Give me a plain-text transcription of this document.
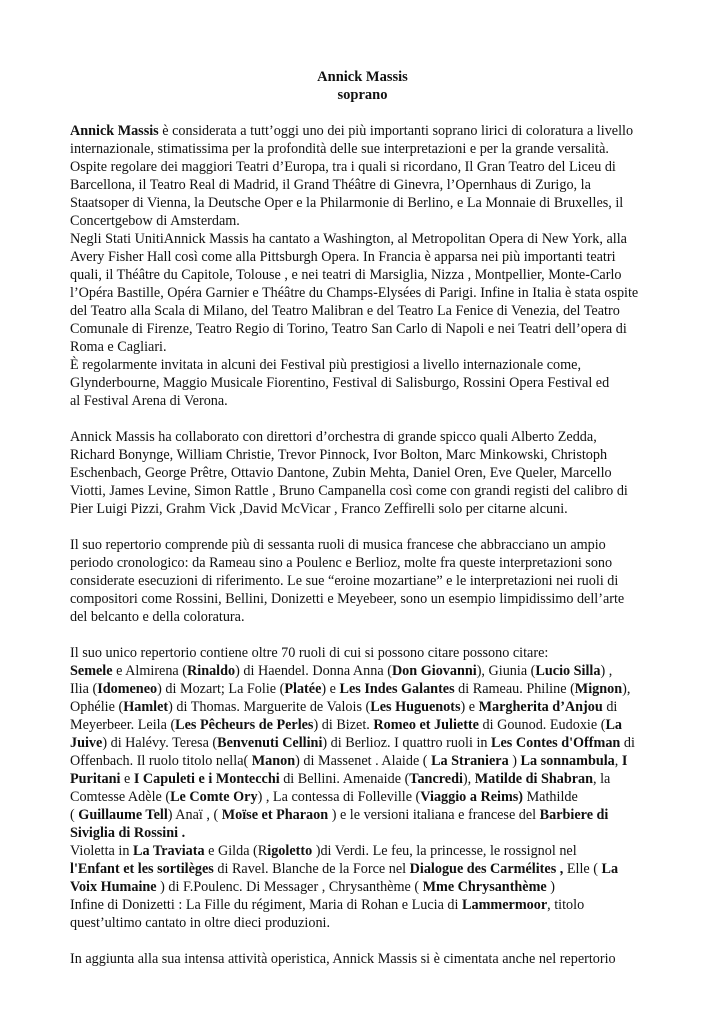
Annick Massis
soprano
Annick Massis è considerata a tutt’oggi uno dei più importanti soprano lirici di coloratura a livello
internazionale, stimatissima per la profondità delle sue interpretazioni e per la grande versalità.
Ospite regolare dei maggiori Teatri d’Europa, tra i quali si ricordano, Il Gran Teatro del Liceu di
Barcellona, il Teatro Real di Madrid, il Grand Théâtre di Ginevra, l’Opernhaus di Zurigo, la
Staatsoper di Vienna, la Deutsche Oper e la Philarmonie di Berlino, e La Monnaie di Bruxelles, il
Concertgebow di Amsterdam.
Negli Stati UnitiAnnick Massis ha cantato a Washington, al Metropolitan Opera di New York, alla
Avery Fisher Hall così come alla Pittsburgh Opera. In Francia è apparsa nei più importanti teatri
quali, il Théâtre du Capitole, Tolouse , e nei teatri di Marsiglia, Nizza , Montpellier, Monte-Carlo
l’Opéra Bastille, Opéra Garnier e Théâtre du Champs-Elysées di Parigi. Infine in Italia è stata ospite
del Teatro alla Scala di Milano, del Teatro Malibran e del Teatro La Fenice di Venezia, del Teatro
Comunale di Firenze, Teatro Regio di Torino, Teatro San Carlo di Napoli e nei Teatri dell’opera di
Roma e Cagliari.
È regolarmente invitata in alcuni dei Festival più prestigiosi a livello internazionale come,
Glynderbourne, Maggio Musicale Fiorentino, Festival di Salisburgo, Rossini Opera Festival ed
al Festival Arena di Verona.
Annick Massis ha collaborato con direttori d’orchestra di grande spicco quali Alberto Zedda,
Richard Bonynge, William Christie, Trevor Pinnock, Ivor Bolton, Marc Minkowski, Christoph
Eschenbach, George Prêtre, Ottavio Dantone, Zubin Mehta, Daniel Oren, Eve Queler, Marcello
Viotti, James Levine, Simon Rattle , Bruno Campanella così come con grandi registi del calibro di
Pier Luigi Pizzi, Grahm Vick ,David McVicar , Franco Zeffirelli solo per citarne alcuni.
Il suo repertorio comprende più di sessanta ruoli di musica francese che abbracciano un ampio
periodo cronologico: da Rameau sino a Poulenc e Berlioz, molte fra queste interpretazioni sono
considerate esecuzioni di riferimento. Le sue “eroine mozartiane” e le interpretazioni nei ruoli di
compositori come Rossini, Bellini, Donizetti e Meyebeer, sono un esempio limpidissimo dell’arte
del belcanto e della coloratura.
Il suo unico repertorio contiene oltre 70 ruoli di cui si possono citare possono citare:
Semele e Almirena (Rinaldo) di Haendel. Donna Anna (Don Giovanni), Giunia (Lucio Silla) ,
Ilia (Idomeneo) di Mozart; La Folie (Platée) e Les Indes Galantes di Rameau. Philine (Mignon),
Ophélie (Hamlet) di Thomas. Marguerite de Valois (Les Huguenots) e Margherita d’Anjou di
Meyerbeer. Leila (Les Pêcheurs de Perles) di Bizet. Romeo et Juliette di Gounod. Eudoxie (La
Juive) di Halévy. Teresa (Benvenuti Cellini) di Berlioz. I quattro ruoli in Les Contes d'Offman di
Offenbach. Il ruolo titolo nella( Manon) di Massenet . Alaide ( La Straniera ) La sonnambula, I
Puritani e I Capuleti e i Montecchi di Bellini. Amenaide (Tancredi), Matilde di Shabran, la
Comtesse Adèle (Le Comte Ory) , La contessa di Folleville (Viaggio a Reims) Mathilde
( Guillaume Tell) Anaï , ( Moïse et Pharaon ) e le versioni italiana e francese del Barbiere di
Siviglia di Rossini .
Violetta in La Traviata e Gilda (Rigoletto )di Verdi. Le feu, la princesse, le rossignol nel
l'Enfant et les sortilèges di Ravel. Blanche de la Force nel Dialogue des Carmélites , Elle ( La
Voix Humaine ) di F.Poulenc. Di Messager , Chrysanthème ( Mme Chrysanthème )
Infine di Donizetti : La Fille du régiment, Maria di Rohan e Lucia di Lammermoor, titolo
quest’ultimo cantato in oltre dieci produzioni.
In aggiunta alla sua intensa attività operistica, Annick Massis si è cimentata anche nel repertorio
